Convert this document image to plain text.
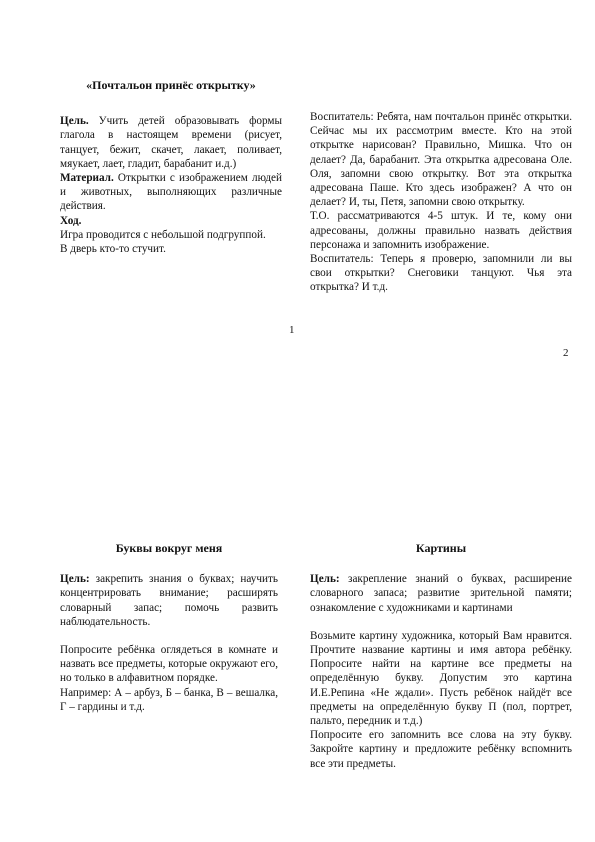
«Почтальон принёс открытку»

Цель. Учить детей образовывать формы глагола в настоящем времени (рисует, танцует, бежит, скачет, лакает, поливает, мяукает, лает, гладит, барабанит и.д.)

Материал. Открытки с изображением людей и животных, выполняющих различные действия.

Ход.

Игра проводится с небольшой подгруппой.

В дверь кто-то стучит.

Воспитатель: Ребята, нам почтальон принёс открытки. Сейчас мы их рассмотрим вместе. Кто на этой открытке нарисован? Правильно, Мишка. Что он делает? Да, барабанит. Эта открытка адресована Оле. Оля, запомни свою открытку. Вот эта открытка адресована Паше. Кто здесь изображен? А что он делает? И, ты, Петя, запомни свою открытку.

Т.О. рассматриваются 4-5 штук. И те, кому они адресованы, должны правильно назвать действия персонажа и запомнить изображение.

Воспитатель: Теперь я проверю, запомнили ли вы свои открытки? Снеговики танцуют. Чья эта открытка? И т.д.

1
2

Буквы вокруг меня

Цель: закрепить знания о буквах; научить концентрировать внимание; расширять словарный запас; помочь развить наблюдательность.

Попросите ребёнка оглядеться в комнате и назвать все предметы, которые окружают его, но только в алфавитном порядке.

Например: А – арбуз, Б – банка, В – вешалка, Г – гардины и т.д.

Картины

Цель: закрепление знаний о буквах, расширение словарного запаса; развитие зрительной памяти; ознакомление с художниками и картинами

Возьмите картину художника, который Вам нравится. Прочтите название картины и имя автора ребёнку. Попросите найти на картине все предметы на определённую букву. Допустим это картина И.Е.Репина «Не ждали». Пусть ребёнок найдёт все предметы на определённую букву П (пол, портрет, пальто, передник и т.д.)

Попросите его запомнить все слова на эту букву. Закройте картину и предложите ребёнку вспомнить все эти предметы.
